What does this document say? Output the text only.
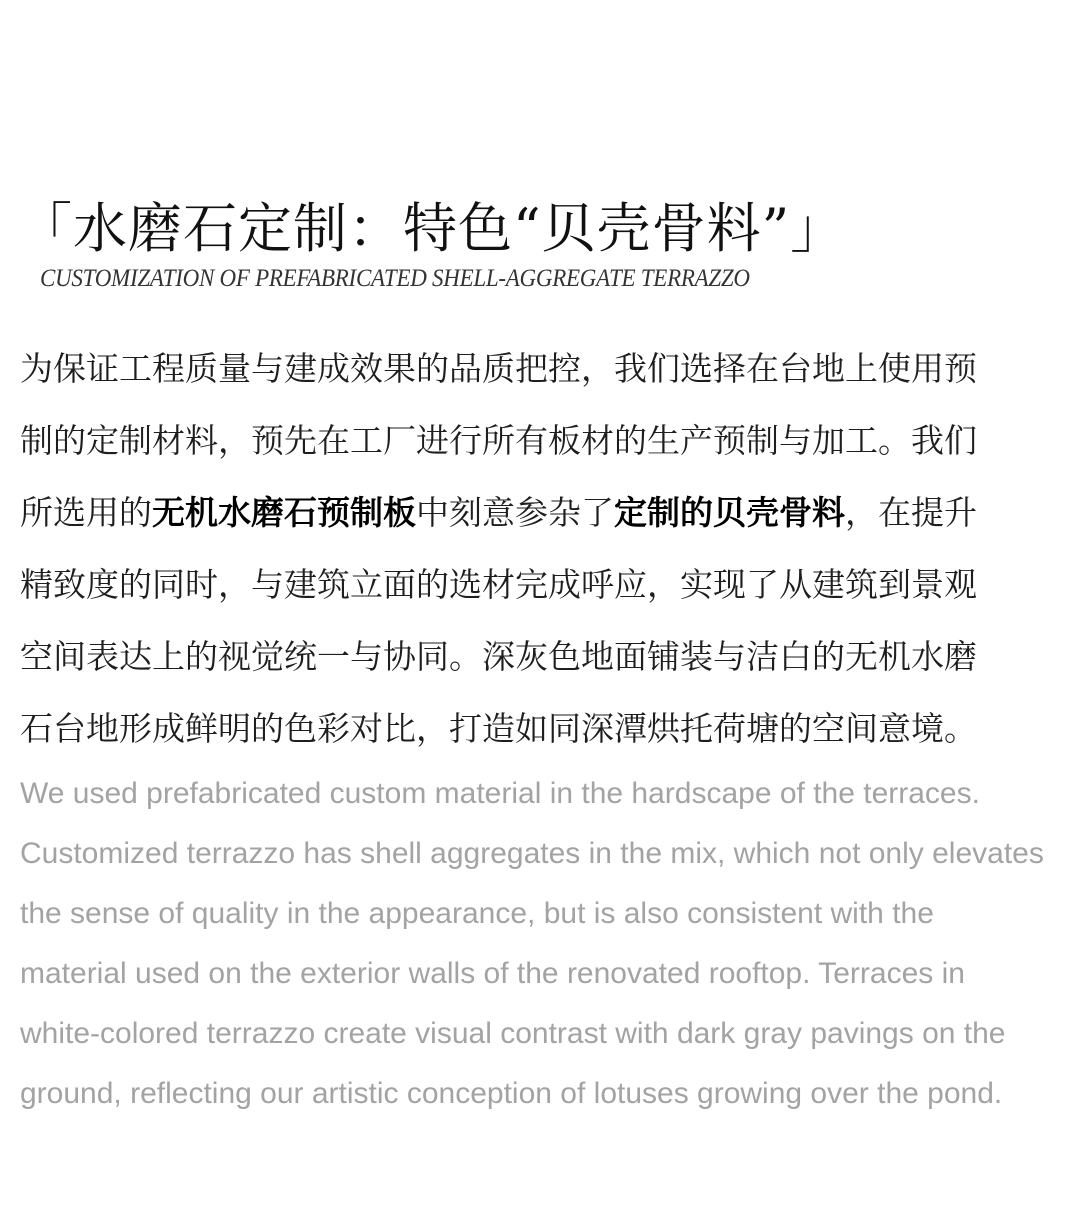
「水磨石定制：特色“贝壳骨料”」

CUSTOMIZATION OF PREFABRICATED SHELL-AGGREGATE TERRAZZO

为保证工程质量与建成效果的品质把控，我们选择在台地上使用预
制的定制材料，预先在工厂进行所有板材的生产预制与加工。我们
所选用的无机水磨石预制板中刻意参杂了定制的贝壳骨料，在提升
精致度的同时，与建筑立面的选材完成呼应，实现了从建筑到景观
空间表达上的视觉统一与协同。深灰色地面铺装与洁白的无机水磨
石台地形成鲜明的色彩对比，打造如同深潭烘托荷塘的空间意境。
We used prefabricated custom material in the hardscape of the terraces.
Customized terrazzo has shell aggregates in the mix, which not only elevates
the sense of quality in the appearance, but is also consistent with the
material used on the exterior walls of the renovated rooftop. Terraces in
white-colored terrazzo create visual contrast with dark gray pavings on the
ground, reflecting our artistic conception of lotuses growing over the pond.
